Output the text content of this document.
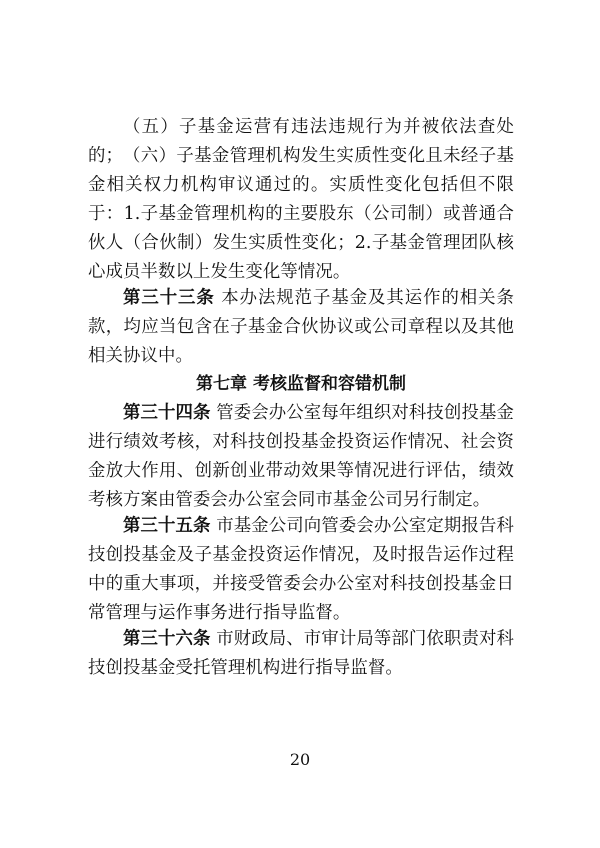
（五）子基金运营有违法违规行为并被依法查处的； （六）子基金管理机构发生实质性变化且未经子基金相关权力机构审议通过的。实质性变化包括但不限于：1.子基金管理机构的主要股东（公司制）或普通合伙人（合伙制）发生实质性变化；2.子基金管理团队核心成员半数以上发生变化等情况。

第三十三条 本办法规范子基金及其运作的相关条款，均应当包含在子基金合伙协议或公司章程以及其他相关协议中。

第七章 考核监督和容错机制

第三十四条 管委会办公室每年组织对科技创投基金进行绩效考核，对科技创投基金投资运作情况、社会资金放大作用、创新创业带动效果等情况进行评估，绩效考核方案由管委会办公室会同市基金公司另行制定。

第三十五条 市基金公司向管委会办公室定期报告科技创投基金及子基金投资运作情况，及时报告运作过程中的重大事项，并接受管委会办公室对科技创投基金日常管理与运作事务进行指导监督。

第三十六条 市财政局、市审计局等部门依职责对科技创投基金受托管理机构进行指导监督。

20
